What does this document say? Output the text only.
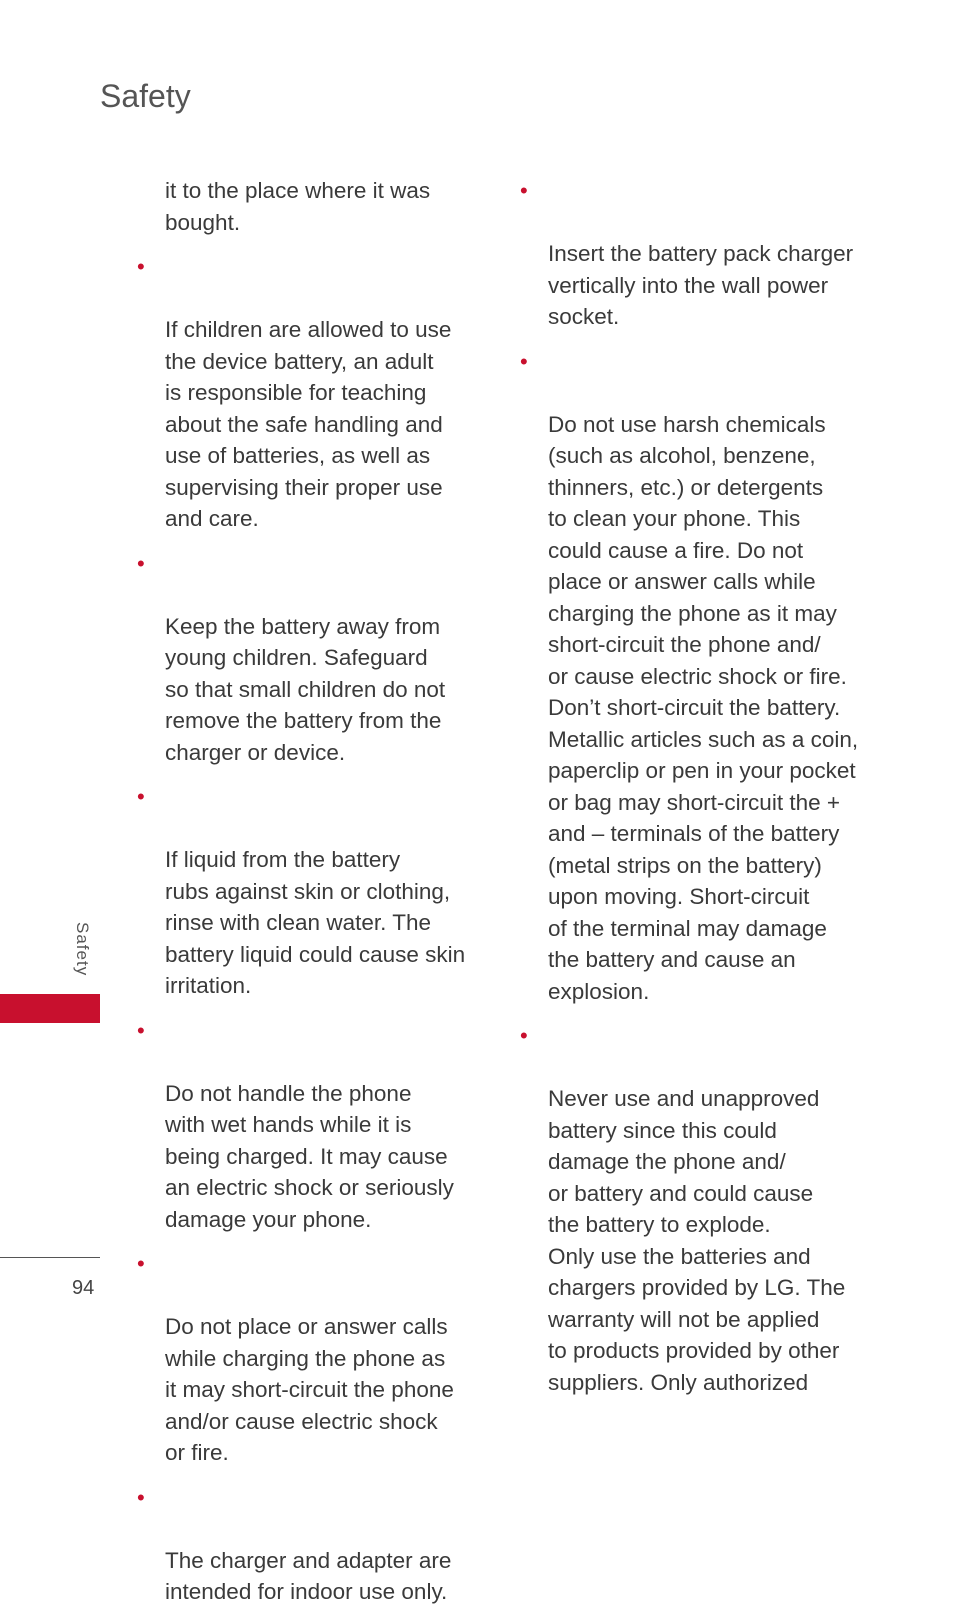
Safety

it to the place where it was
bought.

•

If children are allowed to use
the device battery, an adult
is responsible for teaching
about the safe handling and
use of batteries, as well as
supervising their proper use
and care.

•

Keep the battery away from
young children. Safeguard
so that small children do not
remove the battery from the
charger or device.

•

If liquid from the battery
rubs against skin or clothing,
rinse with clean water. The
battery liquid could cause skin
irritation.

•

Do not handle the phone
with wet hands while it is
being charged. It may cause
an electric shock or seriously
damage your phone.

•

Do not place or answer calls
while charging the phone as
it may short-circuit the phone
and/or cause electric shock
or fire.

•

The charger and adapter are
intended for indoor use only.

•

Insert the battery pack charger
vertically into the wall power
socket.

•

Do not use harsh chemicals
(such as alcohol, benzene,
thinners, etc.) or detergents
to clean your phone. This
could cause a fire. Do not
place or answer calls while
charging the phone as it may
short-circuit the phone and/
or cause electric shock or fire.
Don’t short-circuit the battery.
Metallic articles such as a coin,
paperclip or pen in your pocket
or bag may short-circuit the +
and – terminals of the battery
(metal strips on the battery)
upon moving. Short-circuit
of the terminal may damage
the battery and cause an
explosion.

•

Never use and unapproved
battery since this could
damage the phone and/
or battery and could cause
the battery to explode.
Only use the batteries and
chargers provided by LG. The
warranty will not be applied
to products provided by other
suppliers. Only authorized

Safety
94
